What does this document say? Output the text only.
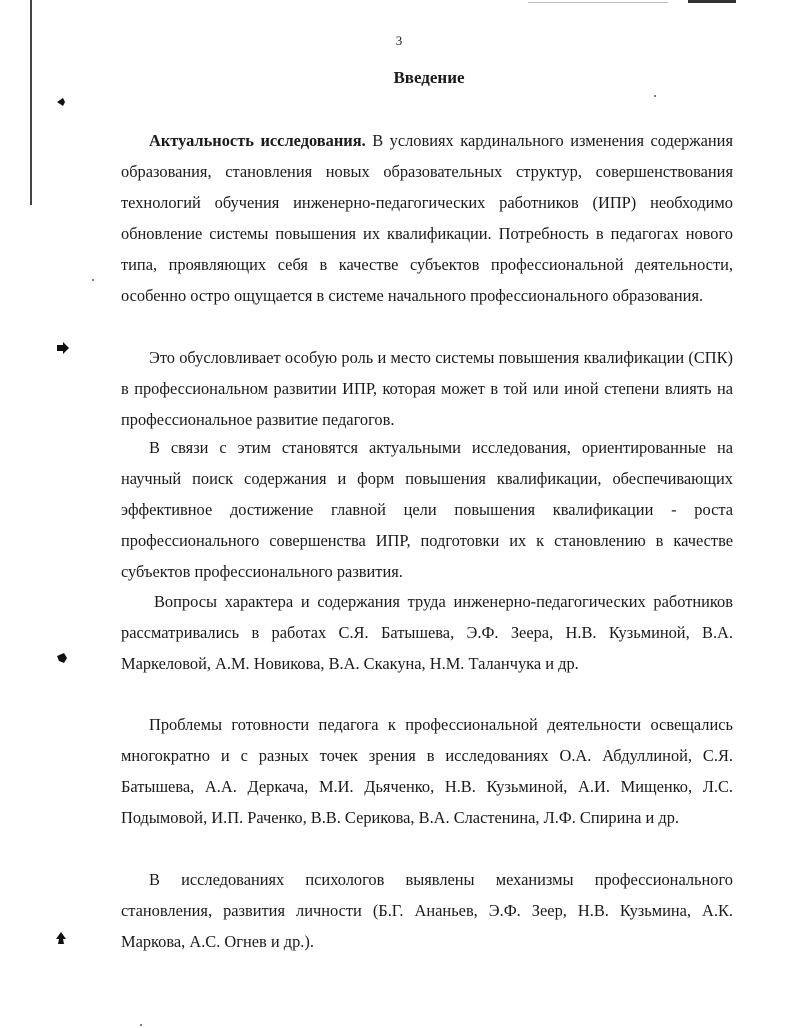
3
Введение

Актуальность исследования. В условиях кардинального изменения содержания образования, становления новых образовательных структур, совершенствования технологий обучения инженерно-педагогических работников (ИПР) необходимо обновление системы повышения их квалификации. Потребность в педагогах нового типа, проявляющих себя в качестве субъектов профессиональной деятельности, особенно остро ощущается в системе начального профессионального образования.

Это обусловливает особую роль и место системы повышения квалификации (СПК) в профессиональном развитии ИПР, которая может в той или иной степени влиять на профессиональное развитие педагогов.

В связи с этим становятся актуальными исследования, ориентированные на научный поиск содержания и форм повышения квалификации, обеспечивающих эффективное достижение главной цели повышения квалификации - роста профессионального совершенства ИПР, подготовки их к становлению в качестве субъектов профессионального развития.

Вопросы характера и содержания труда инженерно-педагогических работников рассматривались в работах С.Я. Батышева, Э.Ф. Зеера, Н.В. Кузьминой, В.А. Маркеловой, А.М. Новикова, В.А. Скакуна, Н.М. Таланчука и др.

Проблемы готовности педагога к профессиональной деятельности освещались многократно и с разных точек зрения в исследованиях О.А. Абдуллиной, С.Я. Батышева, А.А. Деркача, М.И. Дьяченко, Н.В. Кузьминой, А.И. Мищенко, Л.С. Подымовой, И.П. Раченко, В.В. Серикова, В.А. Сластенина, Л.Ф. Спирина и др.

В исследованиях психологов выявлены механизмы профессионального становления, развития личности (Б.Г. Ананьев, Э.Ф. Зеер, Н.В. Кузьмина, А.К. Маркова, А.С. Огнев и др.).
